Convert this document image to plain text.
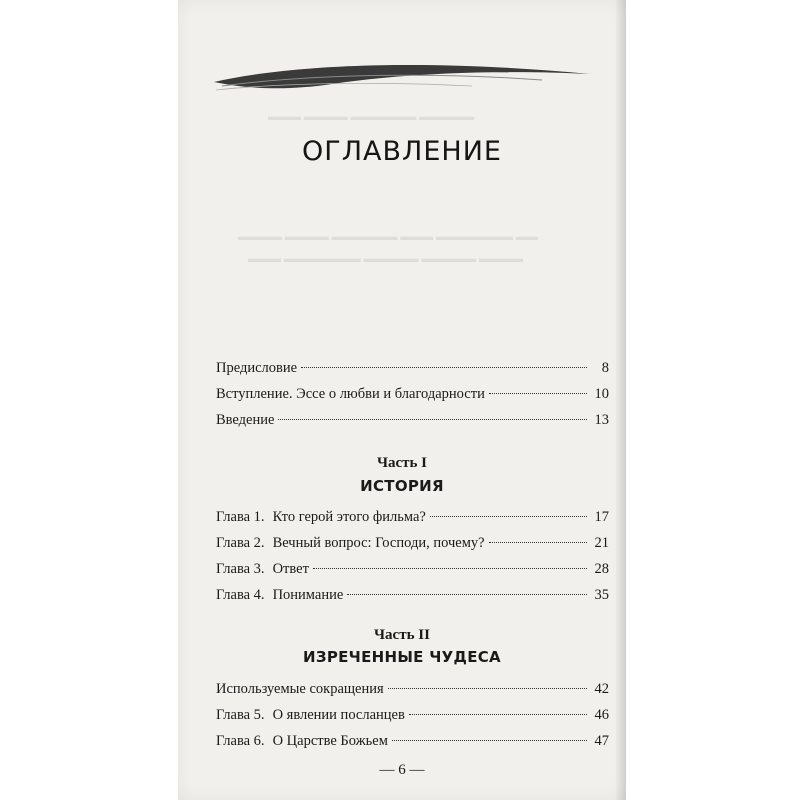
▬▬▬ ▬▬▬▬ ▬▬▬▬▬▬ ▬▬▬▬▬
▬▬▬▬ ▬▬▬▬ ▬▬▬▬▬▬ ▬▬▬ ▬▬▬▬▬▬▬ ▬▬
▬▬▬ ▬▬▬▬▬▬▬ ▬▬▬▬▬ ▬▬▬▬▬ ▬▬▬▬
ОГЛАВЛЕНИЕ
Предисловие	8
Вступление. Эссе о любви и благодарности	10
Введение	13
Часть I
ИСТОРИЯ
Глава 1. Кто герой этого фильма?	17
Глава 2. Вечный вопрос: Господи, почему?	21
Глава 3. Ответ	28
Глава 4. Понимание	35
Часть II
ИЗРЕЧЕННЫЕ ЧУДЕСА
Используемые сокращения	42
Глава 5. О явлении посланцев	46
Глава 6. О Царстве Божьем	47
— 6 —
